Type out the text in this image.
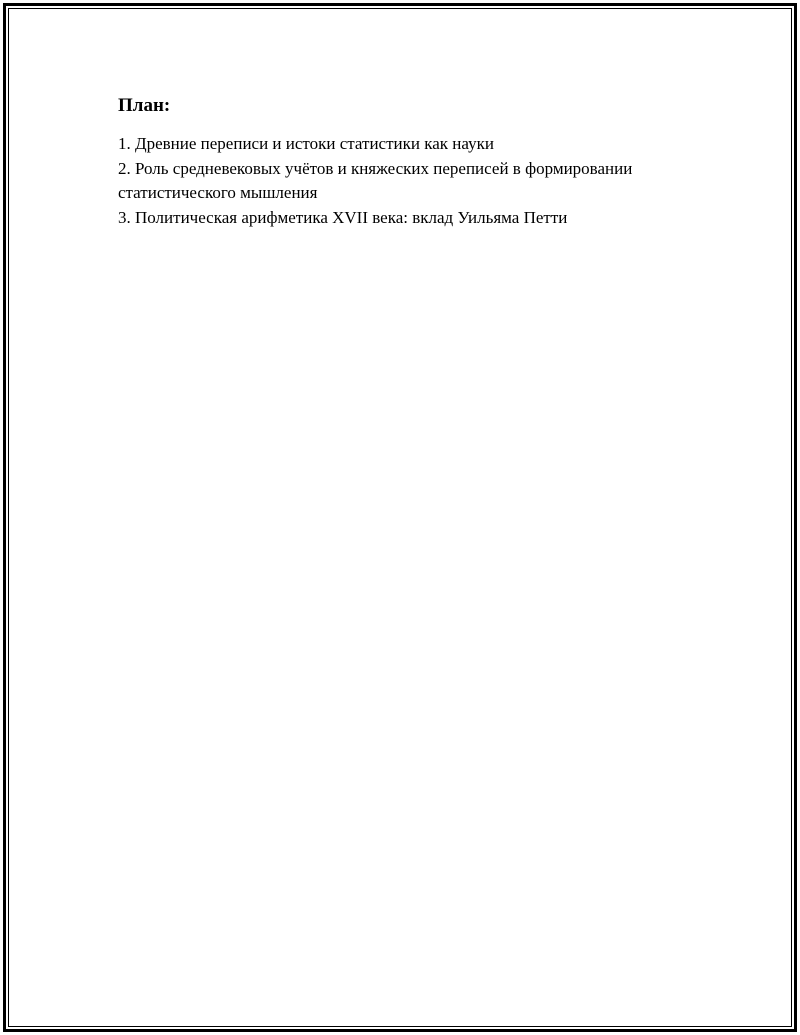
План:
1. Древние переписи и истоки статистики как науки
2. Роль средневековых учётов и княжеских переписей в формировании статистического мышления
3. Политическая арифметика XVII века: вклад Уильяма Петти
